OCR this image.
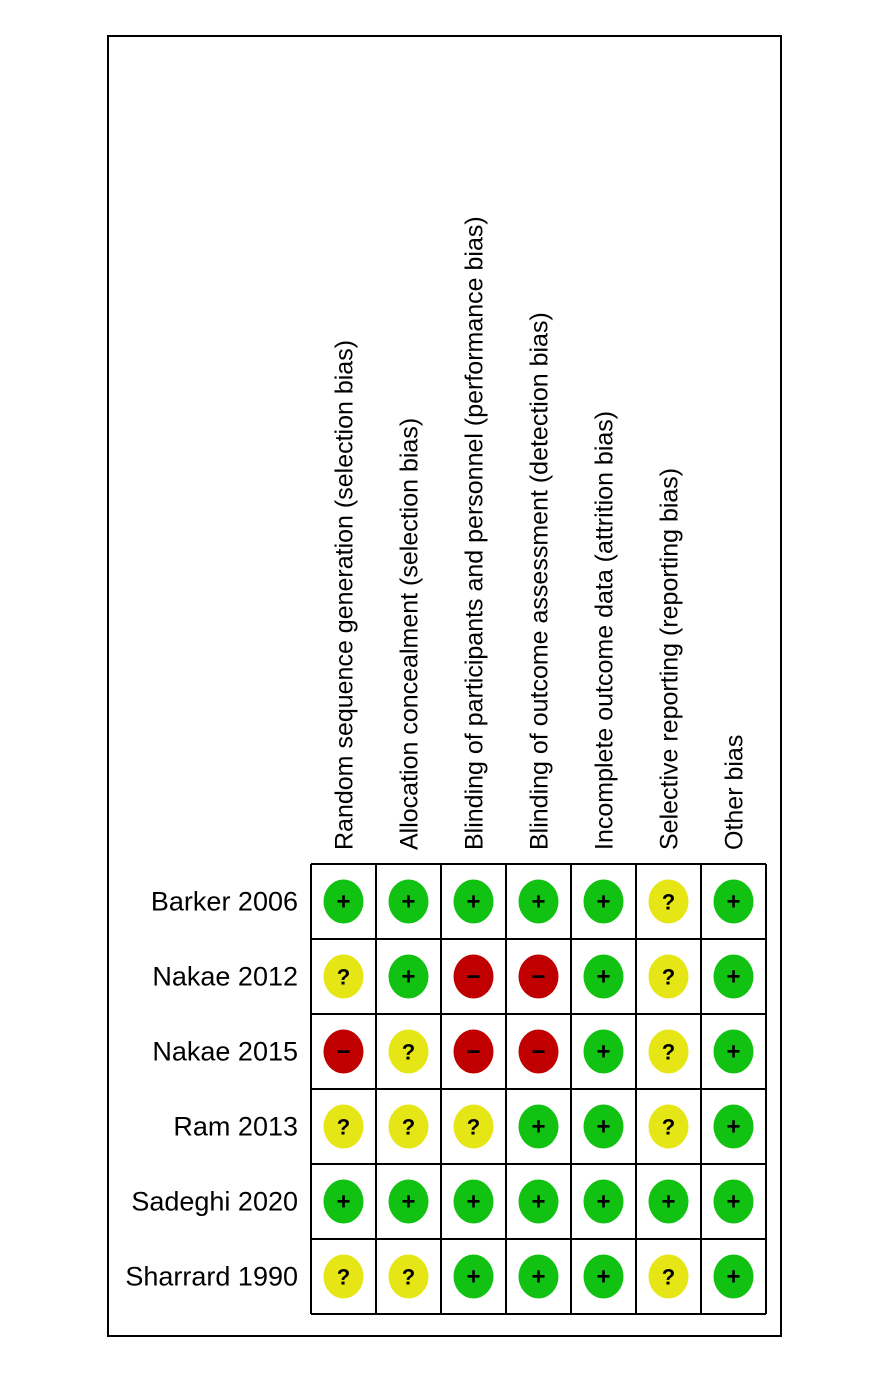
Random sequence generation (selection bias) Allocation concealment (selection bias) Blinding of participants and personnel (performance bias) Blinding of outcome assessment (detection bias) Incomplete outcome data (attrition bias) Selective reporting (reporting bias) Other bias
Barker 2006
Nakae 2012
Nakae 2015
Ram 2013
Sadeghi 2020
Sharrard 1990
+ + + + + ? +
? + − − + ? +
− ? − − + ? +
? ? ? + + ? +
+ + + + + + +
? ? + + + ? +
